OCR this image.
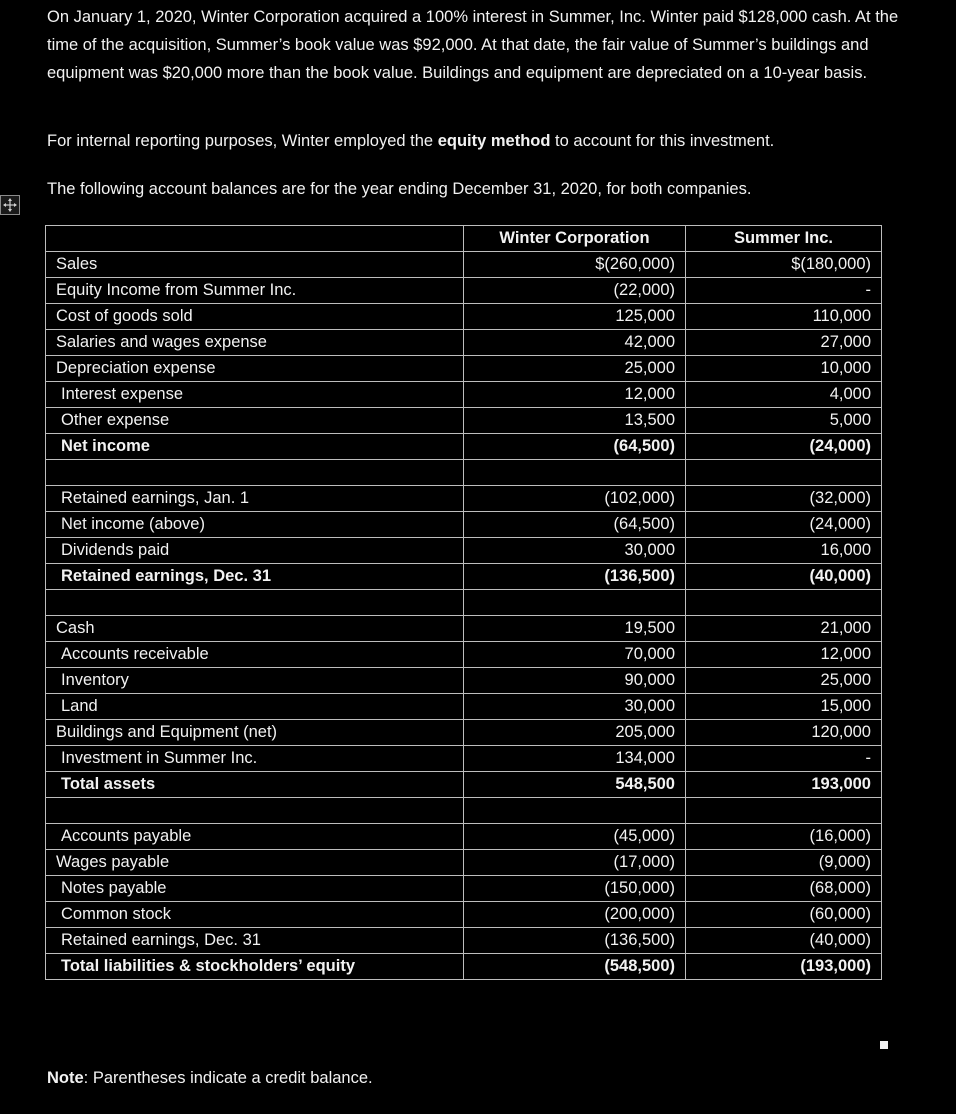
On January 1, 2020, Winter Corporation acquired a 100% interest in Summer, Inc. Winter paid $128,000 cash. At the time of the acquisition, Summer’s book value was $92,000. At that date, the fair value of Summer’s buildings and equipment was $20,000 more than the book value. Buildings and equipment are depreciated on a 10-year basis.

For internal reporting purposes, Winter employed the equity method to account for this investment.

The following account balances are for the year ending December 31, 2020, for both companies.

	Winter Corporation	Summer Inc.
Sales	$(260,000)	$(180,000)
Equity Income from Summer Inc.	(22,000)	-
Cost of goods sold	125,000	110,000
Salaries and wages expense	42,000	27,000
Depreciation expense	25,000	10,000
Interest expense	12,000	4,000
Other expense	13,500	5,000
Net income	(64,500)	(24,000)

Retained earnings, Jan. 1	(102,000)	(32,000)
Net income (above)	(64,500)	(24,000)
Dividends paid	30,000	16,000
Retained earnings, Dec. 31	(136,500)	(40,000)

Cash	19,500	21,000
Accounts receivable	70,000	12,000
Inventory	90,000	25,000
Land	30,000	15,000
Buildings and Equipment (net)	205,000	120,000
Investment in Summer Inc.	134,000	-
Total assets	548,500	193,000

Accounts payable	(45,000)	(16,000)
Wages payable	(17,000)	(9,000)
Notes payable	(150,000)	(68,000)
Common stock	(200,000)	(60,000)
Retained earnings, Dec. 31	(136,500)	(40,000)
Total liabilities & stockholders’ equity	(548,500)	(193,000)

Note: Parentheses indicate a credit balance.
